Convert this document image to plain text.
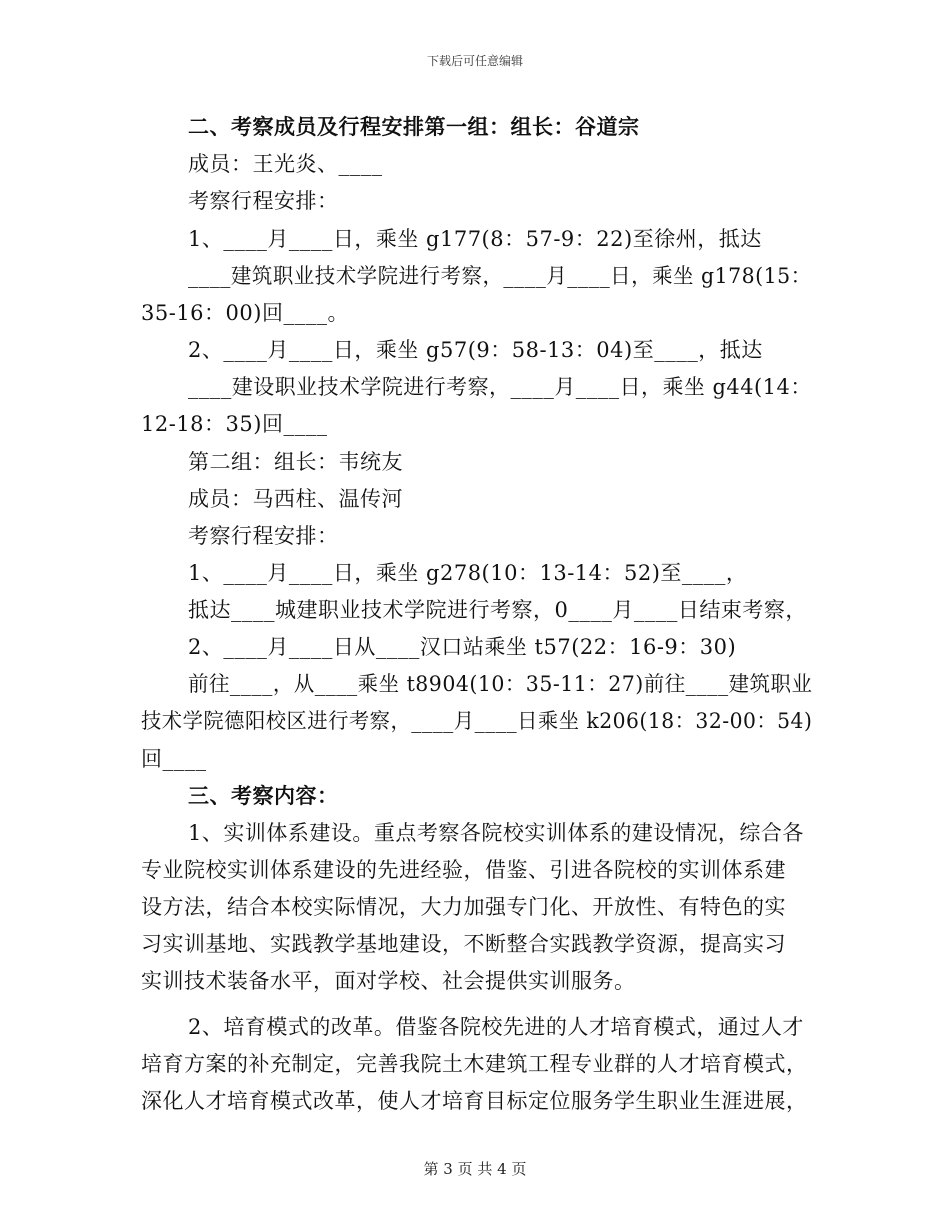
下载后可任意编辑
二、考察成员及行程安排第一组：组长：谷道宗
成员：王光炎、____
考察行程安排：
1、____月____日，乘坐 g177(8：57-9：22)至徐州，抵达
____建筑职业技术学院进行考察，____月____日，乘坐 g178(15：
35-16：00)回____。
2、____月____日，乘坐 g57(9：58-13：04)至____，抵达
____建设职业技术学院进行考察，____月____日，乘坐 g44(14：
12-18：35)回____
第二组：组长：韦统友
成员：马西柱、温传河
考察行程安排：
1、____月____日，乘坐 g278(10：13-14：52)至____，
抵达____城建职业技术学院进行考察，0____月____日结束考察，
2、____月____日从____汉口站乘坐 t57(22：16-9：30)
前往____，从____乘坐 t8904(10：35-11：27)前往____建筑职业
技术学院德阳校区进行考察，____月____日乘坐 k206(18：32-00：54)
回____
三、考察内容：
1、实训体系建设。重点考察各院校实训体系的建设情况，综合各
专业院校实训体系建设的先进经验，借鉴、引进各院校的实训体系建
设方法，结合本校实际情况，大力加强专门化、开放性、有特色的实
习实训基地、实践教学基地建设，不断整合实践教学资源，提高实习
实训技术装备水平，面对学校、社会提供实训服务。
2、培育模式的改革。借鉴各院校先进的人才培育模式，通过人才
培育方案的补充制定，完善我院土木建筑工程专业群的人才培育模式，
深化人才培育模式改革，使人才培育目标定位服务学生职业生涯进展，
第 3 页 共 4 页
